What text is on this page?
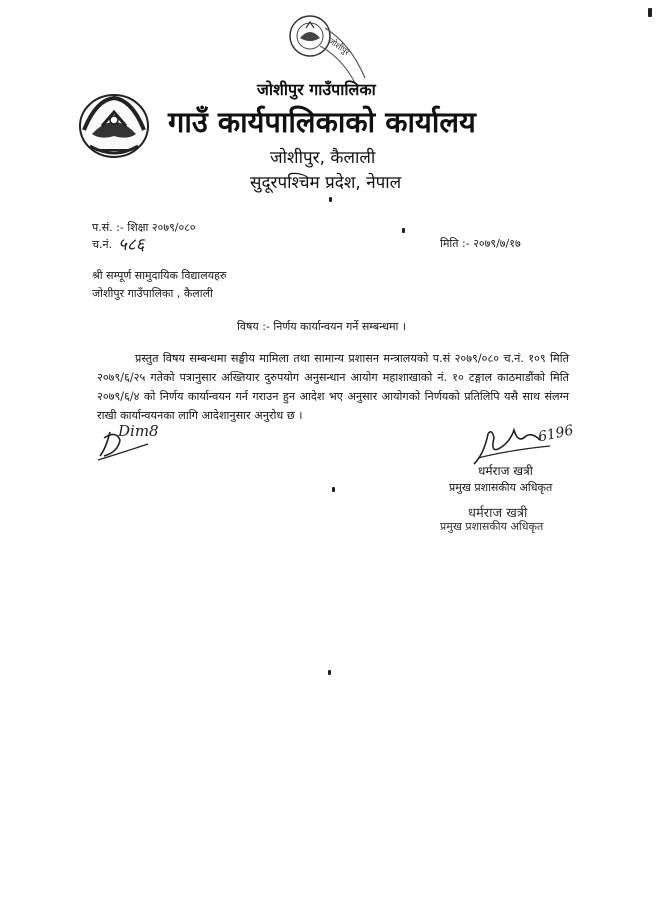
जोशीपुर
जोशीपुर गाउँपालिका
गाउँ कार्यपालिकाको कार्यालय
जोशीपुर, कैलाली
सुदूरपश्चिम प्रदेश, नेपाल
प.सं. :- शिक्षा २०७९/०८०
च.नं. ५८६	मिति :- २०७९/७/१७
श्री सम्पूर्ण सामुदायिक विद्यालयहरु
जोशीपुर गाउँपालिका , कैलाली
विषय :- निर्णय कार्यान्वयन गर्ने सम्बन्धमा ।
प्रस्तुत विषय सम्बन्धमा सङ्घीय मामिला तथा सामान्य प्रशासन मन्त्रालयको प.सं २०७९/०८० च.नं. १०९ मिति २०७९/६/२५ गतेको पत्रानुसार अख्तियार दुरुपयोग अनुसन्धान आयोग महाशाखाको नं. १० टङ्गाल काठमाडौंको मिति २०७९/६/४ को निर्णय कार्यान्वयन गर्न गराउन हुन आदेश भए अनुसार आयोगको निर्णयको प्रतिलिपि यसै साथ संलग्न राखी कार्यान्वयनका लागि आदेशानुसार अनुरोध छ ।
Dim8	6196
धर्मराज खत्री
प्रमुख प्रशासकीय अधिकृत
धर्मराज खत्री
प्रमुख प्रशासकीय अधिकृत
